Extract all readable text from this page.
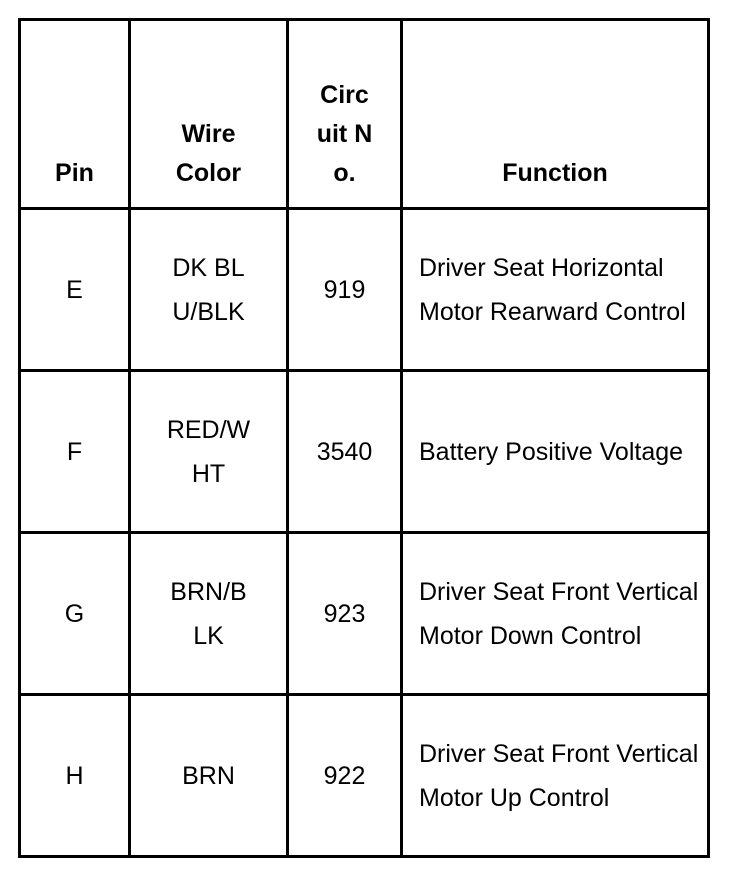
Pin	Wire Color	Circuit No.	Function
E	DK BLU/BLK	919	Driver Seat Horizontal Motor Rearward Control
F	RED/WHT	3540	Battery Positive Voltage
G	BRN/BLK	923	Driver Seat Front Vertical Motor Down Control
H	BRN	922	Driver Seat Front Vertical Motor Up Control
